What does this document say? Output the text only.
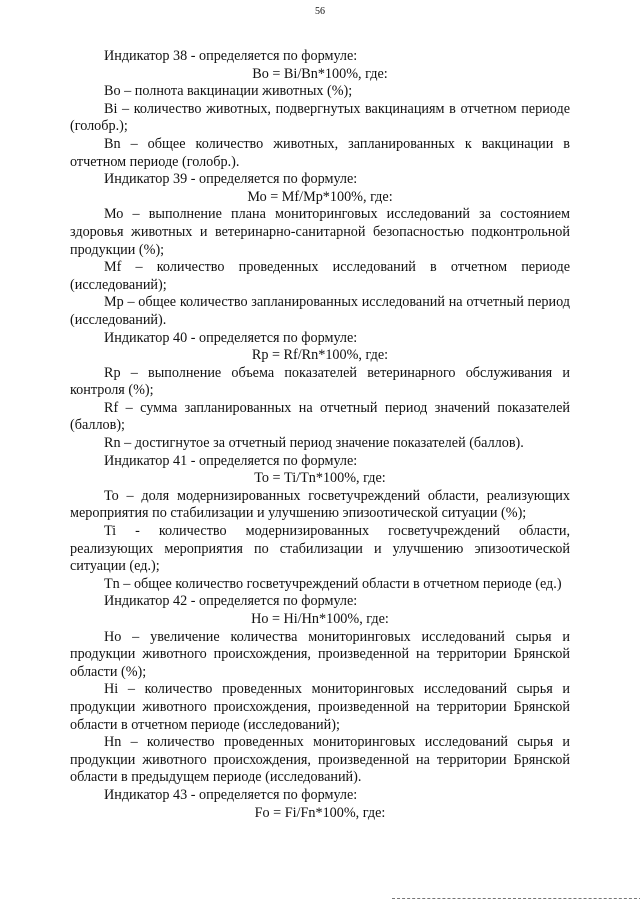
56

Индикатор 38 - определяется по формуле:

Во = Bi/Bn*100%, где:

Во – полнота вакцинации животных (%);

Bi – количество животных, подвергнутых вакцинациям в отчетном периоде (голобр.);

Bn – общее количество животных, запланированных к вакцинации в отчетном периоде (голобр.).

Индикатор 39 - определяется по формуле:

Мо = Mf/Mp*100%, где:

Мо – выполнение плана мониторинговых исследований за состоянием здоровья животных и ветеринарно-санитарной безопасностью подконтрольной продукции (%);

Mf – количество проведенных исследований в отчетном периоде (исследований);

Mp – общее количество запланированных исследований на отчетный период (исследований).

Индикатор 40 - определяется по формуле:

Rp = Rf/Rn*100%, где:

Rp – выполнение объема показателей ветеринарного обслуживания и контроля (%);

Rf – сумма запланированных на отчетный период значений показателей (баллов);

Rn – достигнутое за отчетный период значение показателей (баллов).

Индикатор 41 - определяется по формуле:

То = Ti/Tn*100%, где:

То – доля модернизированных госветучреждений области, реализующих мероприятия по стабилизации и улучшению эпизоотической ситуации (%);

Ti - количество модернизированных госветучреждений области, реализующих мероприятия по стабилизации и улучшению эпизоотической ситуации (ед.);

Tn – общее количество госветучреждений области в отчетном периоде (ед.)

Индикатор 42 - определяется по формуле:

Но = Hi/Hn*100%, где:

Но – увеличение количества мониторинговых исследований сырья и продукции животного происхождения, произведенной на территории Брянской области (%);

Hi – количество проведенных мониторинговых исследований сырья и продукции животного происхождения, произведенной на территории Брянской области в отчетном периоде (исследований);

Hn – количество проведенных мониторинговых исследований сырья и продукции животного происхождения, произведенной на территории Брянской области в предыдущем периоде (исследований).

Индикатор 43 - определяется по формуле:

Fo = Fi/Fn*100%, где:
